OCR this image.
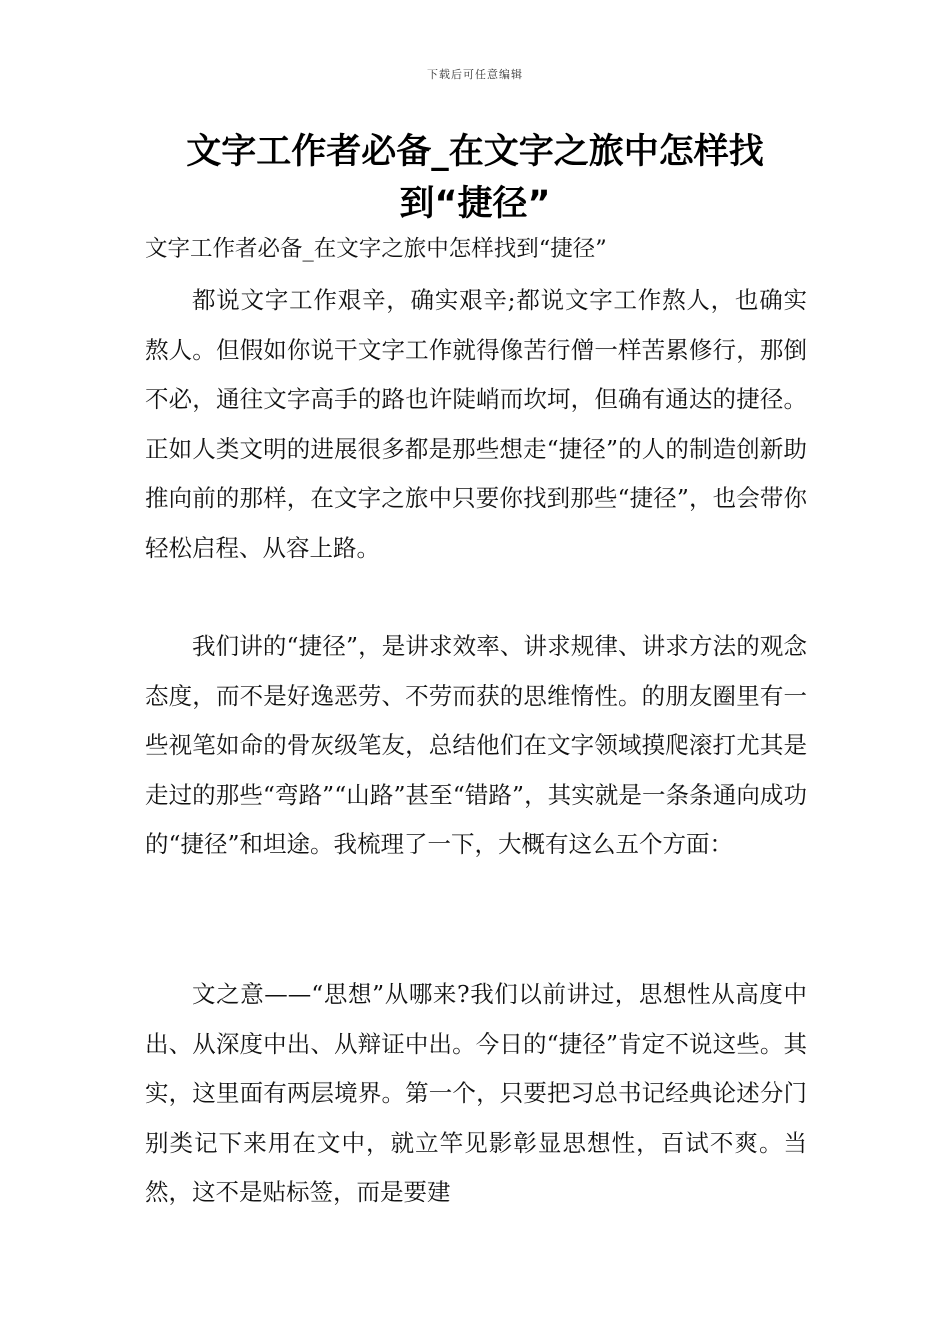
下载后可任意编辑
文字工作者必备_在文字之旅中怎样找到“捷径”

文字工作者必备_在文字之旅中怎样找到“捷径”

都说文字工作艰辛，确实艰辛;都说文字工作熬人，也确实熬人。但假如你说干文字工作就得像苦行僧一样苦累修行，那倒不必，通往文字高手的路也许陡峭而坎坷，但确有通达的捷径。正如人类文明的进展很多都是那些想走“捷径”的人的制造创新助推向前的那样，在文字之旅中只要你找到那些“捷径”，也会带你轻松启程、从容上路。

我们讲的“捷径”，是讲求效率、讲求规律、讲求方法的观念态度，而不是好逸恶劳、不劳而获的思维惰性。的朋友圈里有一些视笔如命的骨灰级笔友，总结他们在文字领域摸爬滚打尤其是走过的那些“弯路”“山路”甚至“错路”，其实就是一条条通向成功的“捷径”和坦途。我梳理了一下，大概有这么五个方面：

文之意——“思想”从哪来?我们以前讲过，思想性从高度中出、从深度中出、从辩证中出。今日的“捷径”肯定不说这些。其实，这里面有两层境界。第一个，只要把习总书记经典论述分门别类记下来用在文中，就立竿见影彰显思想性，百试不爽。当然，这不是贴标签，而是要建
